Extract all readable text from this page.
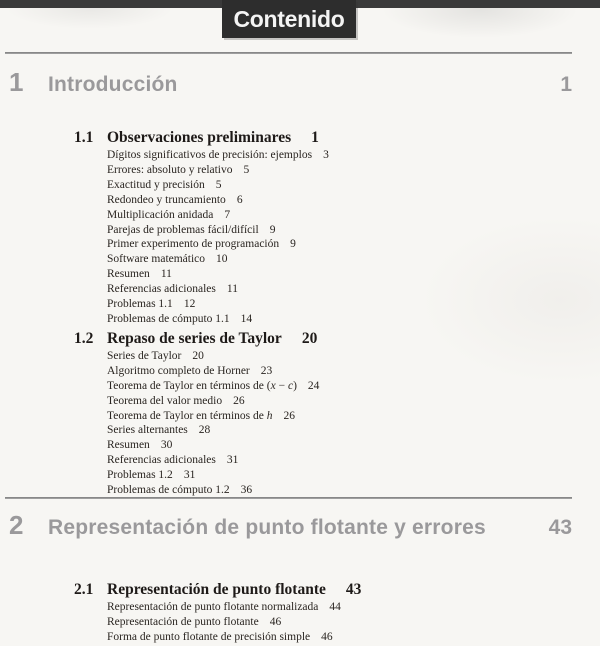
Contenido
1	Introducción	1
1.1 Observaciones preliminares 1
Dígitos significativos de precisión: ejemplos 3
Errores: absoluto y relativo 5
Exactitud y precisión 5
Redondeo y truncamiento 6
Multiplicación anidada 7
Parejas de problemas fácil/difícil 9
Primer experimento de programación 9
Software matemático 10
Resumen 11
Referencias adicionales 11
Problemas 1.1 12
Problemas de cómputo 1.1 14
1.2 Repaso de series de Taylor 20
Series de Taylor 20
Algoritmo completo de Horner 23
Teorema de Taylor en términos de (x − c) 24
Teorema del valor medio 26
Teorema de Taylor en términos de h 26
Series alternantes 28
Resumen 30
Referencias adicionales 31
Problemas 1.2 31
Problemas de cómputo 1.2 36
2	Representación de punto flotante y errores	43
2.1 Representación de punto flotante 43
Representación de punto flotante normalizada 44
Representación de punto flotante 46
Forma de punto flotante de precisión simple 46
